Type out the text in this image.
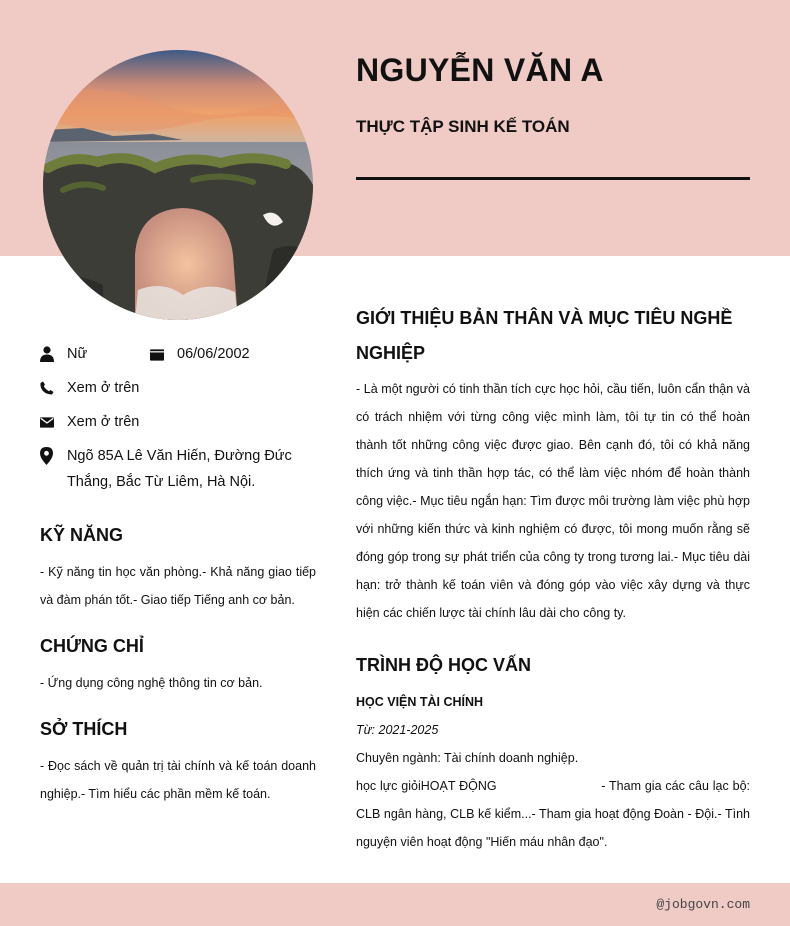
NGUYỄN VĂN A
THỰC TẬP SINH KẾ TOÁN
Nữ	06/06/2002
Xem ở trên
Xem ở trên
Ngõ 85A Lê Văn Hiến, Đường Đức Thắng, Bắc Từ Liêm, Hà Nội.
KỸ NĂNG

- Kỹ năng tin học văn phòng.- Khả năng giao tiếp và đàm phán tốt.- Giao tiếp Tiếng anh cơ bản.

CHỨNG CHỈ

- Ứng dụng công nghệ thông tin cơ bản.

SỞ THÍCH

- Đọc sách về quản trị tài chính và kế toán doanh nghiệp.- Tìm hiểu các phần mềm kế toán.

GIỚI THIỆU BẢN THÂN VÀ MỤC TIÊU NGHỀ NGHIỆP

- Là một người có tinh thần tích cực học hỏi, cầu tiến, luôn cẩn thận và có trách nhiệm với từng công việc mình làm, tôi tự tin có thể hoàn thành tốt những công việc được giao. Bên cạnh đó, tôi có khả năng thích ứng và tinh thần hợp tác, có thể làm việc nhóm để hoàn thành công việc.- Mục tiêu ngắn hạn: Tìm được môi trường làm việc phù hợp với những kiến thức và kinh nghiệm có được, tôi mong muốn rằng sẽ đóng góp trong sự phát triển của công ty trong tương lai.- Mục tiêu dài hạn: trở thành kế toán viên và đóng góp vào việc xây dựng và thực hiện các chiến lược tài chính lâu dài cho công ty.

TRÌNH ĐỘ HỌC VẤN
HỌC VIỆN TÀI CHÍNH
Từ: 2021-2025
Chuyên ngành: Tài chính doanh nghiệp.

học lực giỏiHOẠT ĐỘNG                           - Tham gia các câu lạc bộ: CLB ngân hàng, CLB kế kiểm...- Tham gia hoạt động Đoàn - Đội.- Tình nguyện viên hoạt động "Hiến máu nhân đạo".

@jobgovn.com
